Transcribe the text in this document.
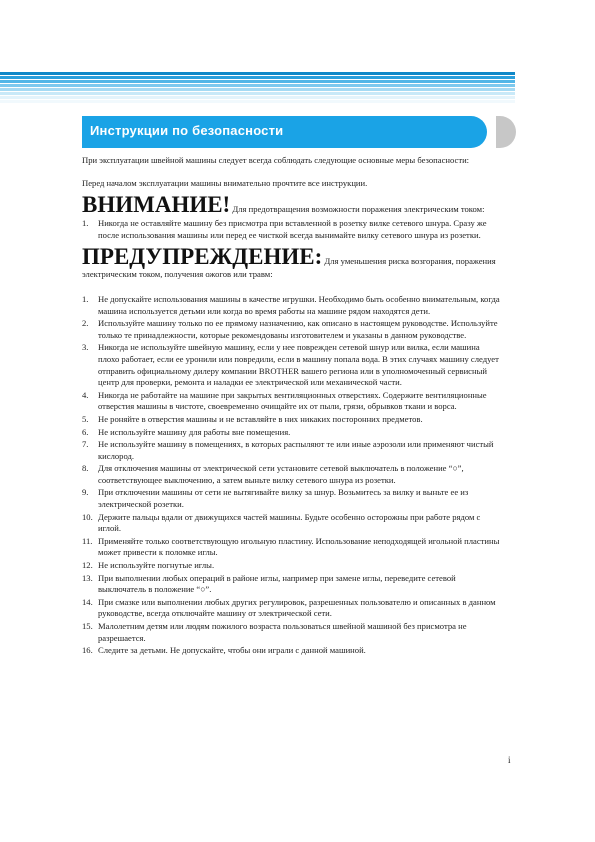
Инструкции по безопасности

При эксплуатации швейной машины следует всегда соблюдать следующие основные меры безопасности:

Перед началом эксплуатации машины внимательно прочтите все инструкции.

ВНИМАНИЕ! Для предотвращения возможности поражения электрическим током:
1. Никогда не оставляйте машину без присмотра при вставленной в розетку вилке сетевого шнура. Сразу же после использования машины или перед ее чисткой всегда вынимайте вилку сетевого шнура из розетки.
ПРЕДУПРЕЖДЕНИЕ: Для уменьшения риска возгорания, поражения электрическим током, получения ожогов или травм:
1. Не допускайте использования машины в качестве игрушки. Необходимо быть особенно внимательным, когда машина используется детьми или когда во время работы на машине рядом находятся дети.
2. Используйте машину только по ее прямому назначению, как описано в настоящем руководстве. Используйте только те принадлежности, которые рекомендованы изготовителем и указаны в данном руководстве.
3. Никогда не используйте швейную машину, если у нее поврежден сетевой шнур или вилка, если машина плохо работает, если ее уронили или повредили, если в машину попала вода. В этих случаях машину следует отправить официальному дилеру компании BROTHER вашего региона или в уполномоченный сервисный центр для проверки, ремонта и наладки ее электрической или механической части.
4. Никогда не работайте на машине при закрытых вентиляционных отверстиях. Содержите вентиляционные отверстия машины в чистоте, своевременно очищайте их от пыли, грязи, обрывков ткани и ворса.
5. Не роняйте в отверстия машины и не вставляйте в них никаких посторонних предметов.
6. Не используйте машину для работы вне помещения.
7. Не используйте машину в помещениях, в которых распыляют те или иные аэрозоли или применяют чистый кислород.
8. Для отключения машины от электрической сети установите сетевой выключатель в положение “○”, соответствующее выключению, а затем выньте вилку сетевого шнура из розетки.
9. При отключении машины от сети не вытягивайте вилку за шнур. Возьмитесь за вилку и выньте ее из электрической розетки.
10. Держите пальцы вдали от движущихся частей машины. Будьте особенно осторожны при работе рядом с иглой.
11. Применяйте только соответствующую игольную пластину. Использование неподходящей игольной пластины может привести к поломке иглы.
12. Не используйте погнутые иглы.
13. При выполнении любых операций в районе иглы, например при замене иглы, переведите сетевой выключатель в положение “○”.
14. При смазке или выполнении любых других регулировок, разрешенных пользователю и описанных в данном руководстве, всегда отключайте машину от электрической сети.
15. Малолетним детям или людям пожилого возраста пользоваться швейной машиной без присмотра не разрешается.
16. Следите за детьми. Не допускайте, чтобы они играли с данной машиной.
i
